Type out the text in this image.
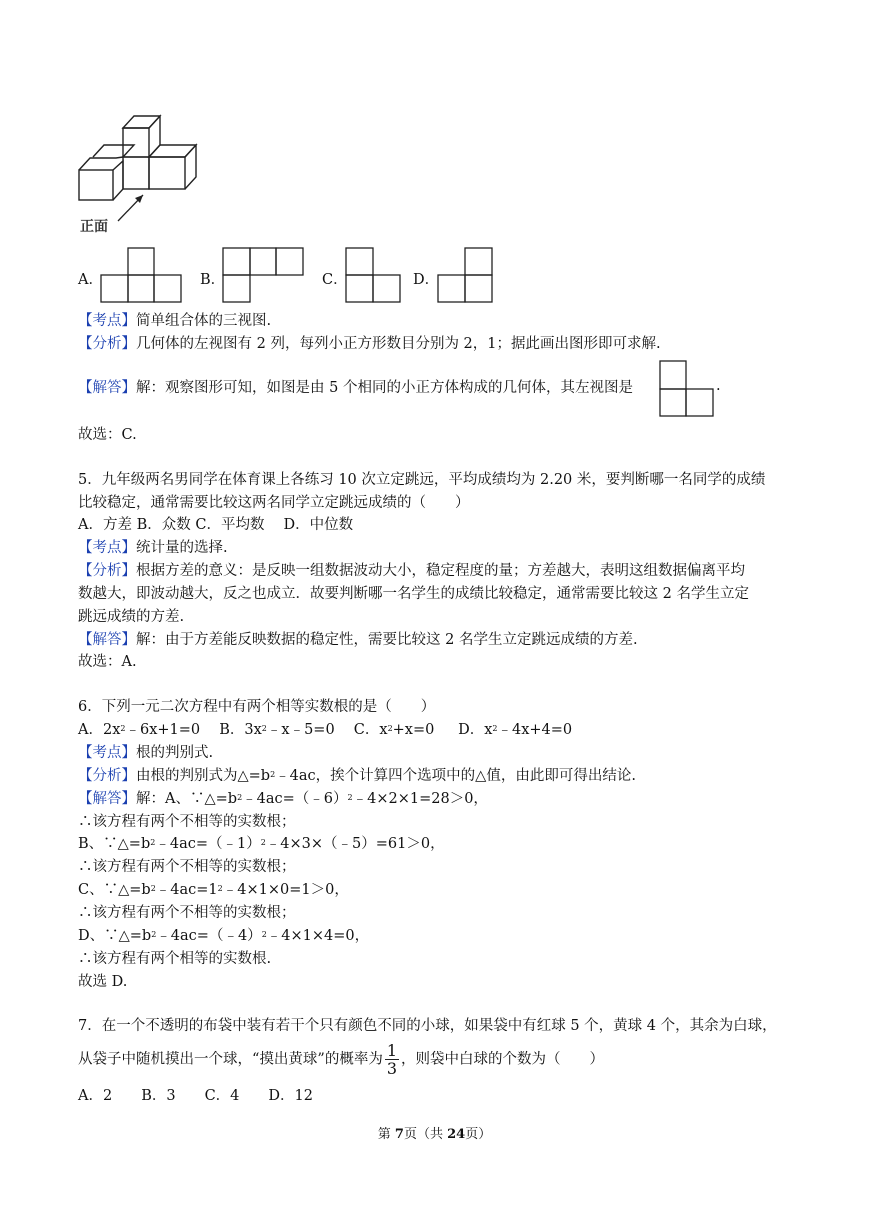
正面
A．	B．	C．	D．
【考点】简单组合体的三视图.
【分析】几何体的左视图有 2 列，每列小正方形数目分别为 2，1；据此画出图形即可求解.
【解答】解：观察图形可知，如图是由 5 个相同的小正方体构成的几何体，其左视图是	.
故选：C.
5．九年级两名男同学在体育课上各练习 10 次立定跳远，平均成绩均为 2.20 米，要判断哪一名同学的成绩
比较稳定，通常需要比较这两名同学立定跳远成绩的（　　）
A．方差 B．众数 C．平均数　 D．中位数
【考点】统计量的选择.
【分析】根据方差的意义：是反映一组数据波动大小，稳定程度的量；方差越大，表明这组数据偏离平均
数越大，即波动越大，反之也成立．故要判断哪一名学生的成绩比较稳定，通常需要比较这 2 名学生立定
跳远成绩的方差.
【解答】解：由于方差能反映数据的稳定性，需要比较这 2 名学生立定跳远成绩的方差.
故选：A.
6．下列一元二次方程中有两个相等实数根的是（　　）
A．$2x^2﹣6x+1=0$　 B．$3x^2﹣x﹣5=0$　 C．$x^2+x=0$　 D．$x^2﹣4x+4=0$
【考点】根的判别式.
【分析】由根的判别式为$\triangle=b^2﹣4ac$，挨个计算四个选项中的△值，由此即可得出结论.
【解答】解：A、$\because\triangle=b^2﹣4ac=(﹣6)^2﹣4\times 2\times 1=28>0$，
∴该方程有两个不相等的实数根；
B、$\because\triangle=b^2﹣4ac=(﹣1)^2﹣4\times 3\times(﹣5)=61>0$，
∴该方程有两个不相等的实数根；
C、$\because\triangle=b^2﹣4ac=1^2﹣4\times 1\times 0=1>0$，
∴该方程有两个不相等的实数根；
D、$\because\triangle=b^2﹣4ac=(﹣4)^2﹣4\times 1\times 4=0$，
∴该方程有两个相等的实数根.
故选 D.
7．在一个不透明的布袋中装有若干个只有颜色不同的小球，如果袋中有红球 5 个，黄球 4 个，其余为白球，
从袋子中随机摸出一个球，“摸出黄球”的概率为 $\frac{1}{3}$ ，则袋中白球的个数为（　　）
A．2　　B．3　　C．4　　D．12
第 7页（共 24页）
